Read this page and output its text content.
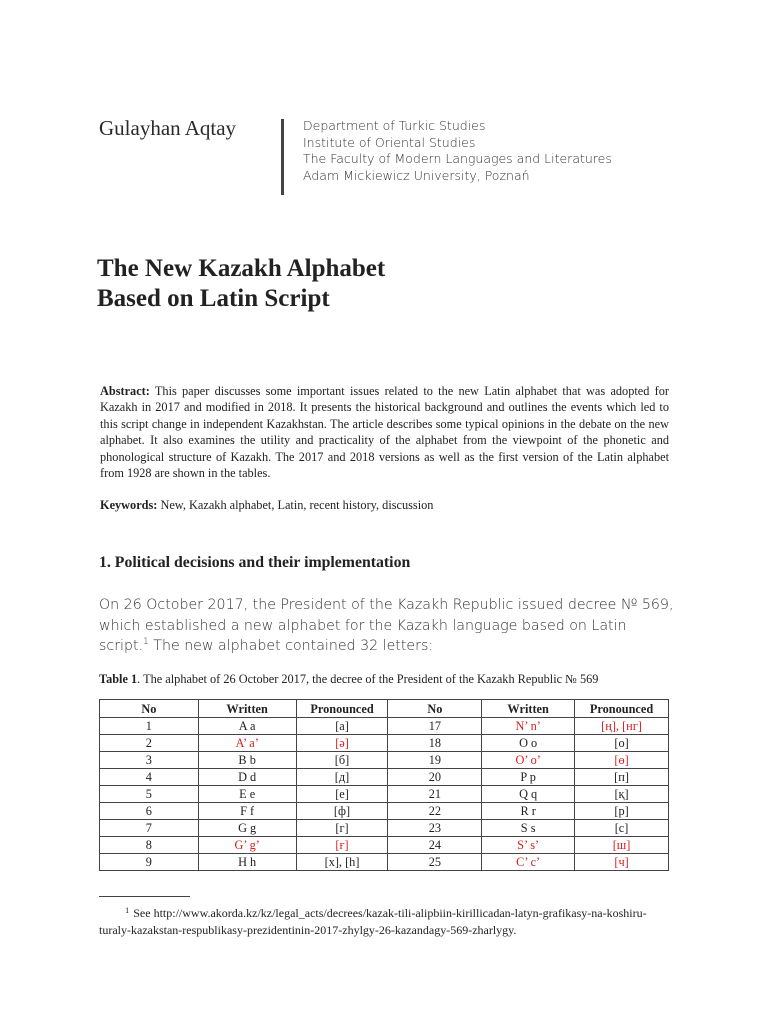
Gulayhan Aqtay	Department of Turkic Studies
Institute of Oriental Studies
The Faculty of Modern Languages and Literatures
Adam Mickiewicz University, Poznań
The New Kazakh Alphabet
Based on Latin Script
Abstract: This paper discusses some important issues related to the new Latin alphabet that was adopted for Kazakh in 2017 and modified in 2018. It presents the historical background and outlines the events which led to this script change in independent Kazakhstan. The article describes some typical opinions in the debate on the new alphabet. It also examines the utility and practicality of the alphabet from the viewpoint of the phonetic and phonological structure of Kazakh. The 2017 and 2018 versions as well as the first version of the Latin alphabet from 1928 are shown in the tables.
Keywords: New, Kazakh alphabet, Latin, recent history, discussion
1. Political decisions and their implementation
On 26 October 2017, the President of the Kazakh Republic issued decree № 569, which established a new alphabet for the Kazakh language based on Latin script.$^1$ The new alphabet contained 32 letters:
Table 1. The alphabet of 26 October 2017, the decree of the President of the Kazakh Republic № 569
No	Written	Pronounced	No	Written	Pronounced
1	A a	[a]	17	N’ n’	[ң], [нг]
2	A’ a’	[ә]	18	O o	[о]
3	B b	[б]	19	O’ o’	[ө]
4	D d	[д]	20	P p	[п]
5	E e	[е]	21	Q q	[қ]
6	F f	[ф]	22	R r	[р]
7	G g	[г]	23	S s	[с]
8	G’ g’	[ғ]	24	S’ s’	[ш]
9	H h	[х], [h]	25	C’ c’	[ч]
$^1$ See http://www.akorda.kz/kz/legal_acts/decrees/kazak-tili-alipbiin-kirillicadan-latyn-grafikasy-na-koshiru-turaly-kazakstan-respublikasy-prezidentinin-2017-zhylgy-26-kazandagy-569-zharlygy.
